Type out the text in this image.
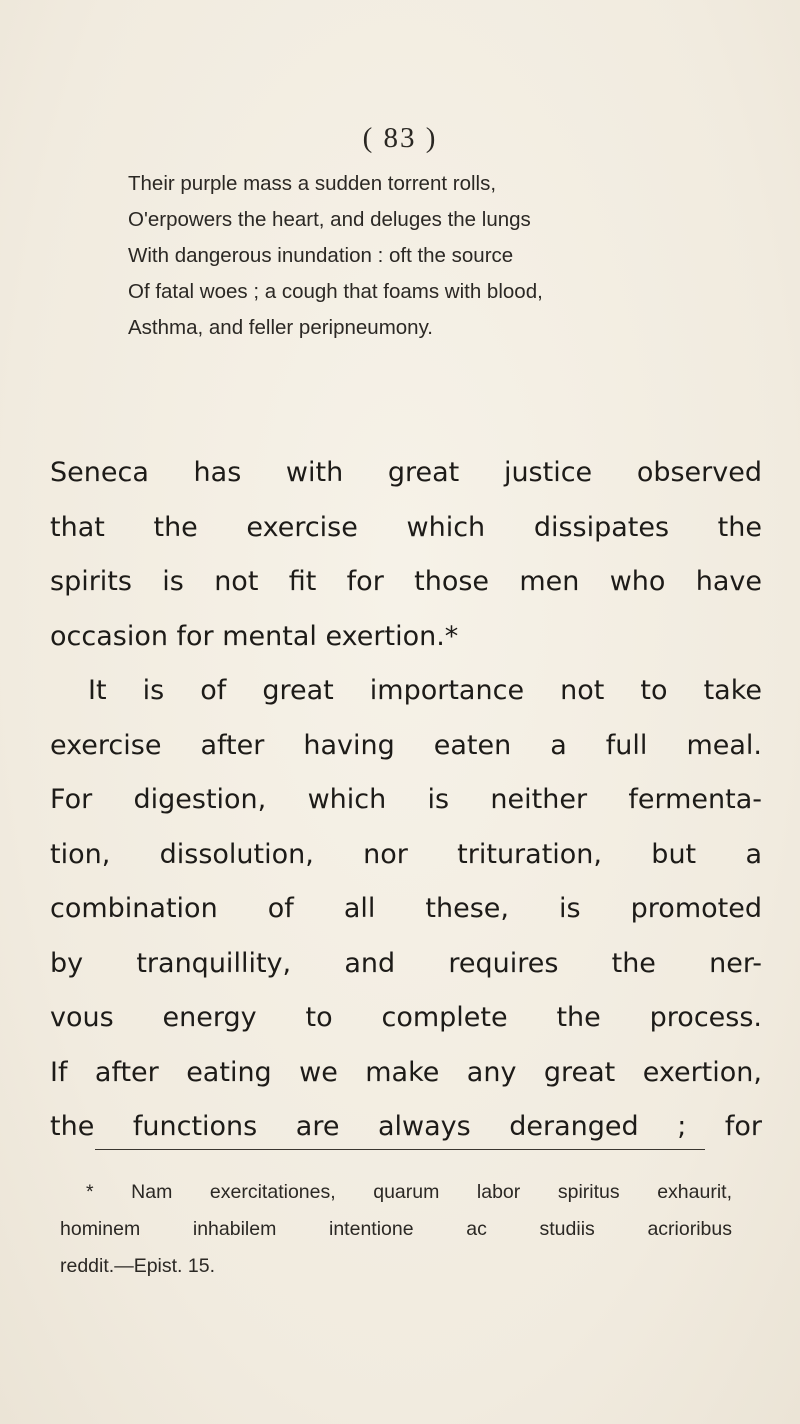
( 83 )
Their purple mass a sudden torrent rolls,
O'erpowers the heart, and deluges the lungs
With dangerous inundation : oft the source
Of fatal woes ; a cough that foams with blood,
Asthma, and feller peripneumony.
Seneca has with great justice observed
that the exercise which dissipates the
spirits is not fit for those men who have
occasion for mental exertion.*
It is of great importance not to take
exercise after having eaten a full meal.
For digestion, which is neither fermenta-
tion, dissolution, nor trituration, but a
combination of all these, is promoted
by tranquillity, and requires the ner-
vous energy to complete the process.
If after eating we make any great exertion,
the functions are always deranged ; for
* Nam exercitationes, quarum labor spiritus exhaurit,
hominem inhabilem intentione ac studiis acrioribus
reddit.—Epist. 15.
